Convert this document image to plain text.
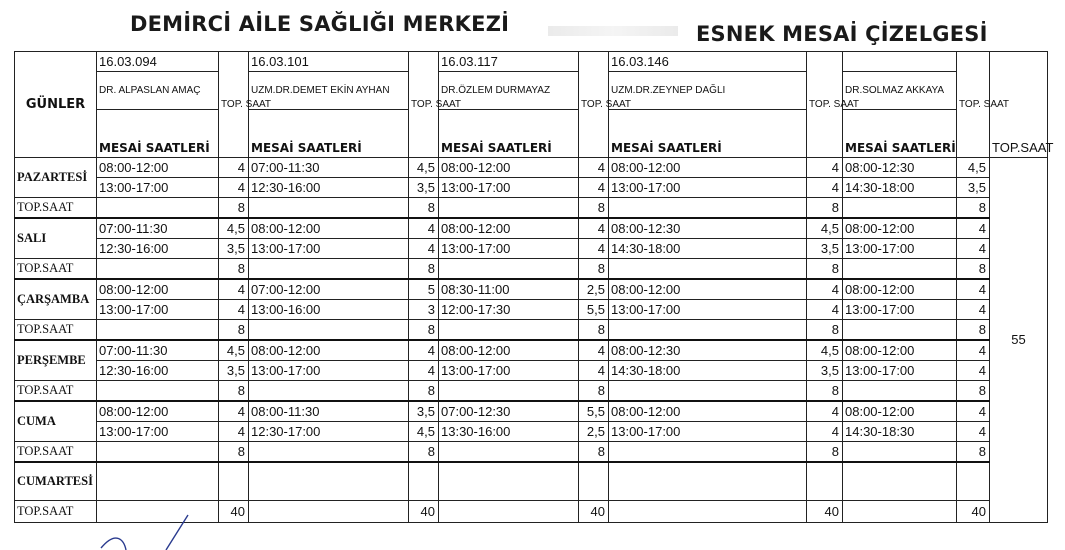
DEMİRCİ AİLE SAĞLIĞI MERKEZİ	ESNEK MESAİ ÇİZELGESİ
GÜNLER	16.03.094	TOP. SAAT	16.03.101	TOP. SAAT	16.03.117	TOP. SAAT	16.03.146	TOP. SAAT		TOP. SAAT	TOP.SAAT
	DR. ALPASLAN AMAÇ		UZM.DR.DEMET EKİN AYHAN		DR.ÖZLEM DURMAYAZ		UZM.DR.ZEYNEP DAĞLI		DR.SOLMAZ AKKAYA		
	MESAİ SAATLERİ		MESAİ SAATLERİ		MESAİ SAATLERİ		MESAİ SAATLERİ		MESAİ SAATLERİ		
PAZARTESİ	08:00-12:00	4	07:00-11:30	4,5	08:00-12:00	4	08:00-12:00	4	08:00-12:30	4,5	55
	13:00-17:00	4	12:30-16:00	3,5	13:00-17:00	4	13:00-17:00	4	14:30-18:00	3,5	
TOP.SAAT		8		8		8		8		8	
SALI	07:00-11:30	4,5	08:00-12:00	4	08:00-12:00	4	08:00-12:30	4,5	08:00-12:00	4	
	12:30-16:00	3,5	13:00-17:00	4	13:00-17:00	4	14:30-18:00	3,5	13:00-17:00	4	
TOP.SAAT		8		8		8		8		8	
ÇARŞAMBA	08:00-12:00	4	07:00-12:00	5	08:30-11:00	2,5	08:00-12:00	4	08:00-12:00	4	
	13:00-17:00	4	13:00-16:00	3	12:00-17:30	5,5	13:00-17:00	4	13:00-17:00	4	
TOP.SAAT		8		8		8		8		8	
PERŞEMBE	07:00-11:30	4,5	08:00-12:00	4	08:00-12:00	4	08:00-12:30	4,5	08:00-12:00	4	
	12:30-16:00	3,5	13:00-17:00	4	13:00-17:00	4	14:30-18:00	3,5	13:00-17:00	4	
TOP.SAAT		8		8		8		8		8	
CUMA	08:00-12:00	4	08:00-11:30	3,5	07:00-12:30	5,5	08:00-12:00	4	08:00-12:00	4	
	13:00-17:00	4	12:30-17:00	4,5	13:30-16:00	2,5	13:00-17:00	4	14:30-18:30	4	
TOP.SAAT		8		8		8		8		8	
CUMARTESİ											
TOP.SAAT		40		40		40		40		40	
